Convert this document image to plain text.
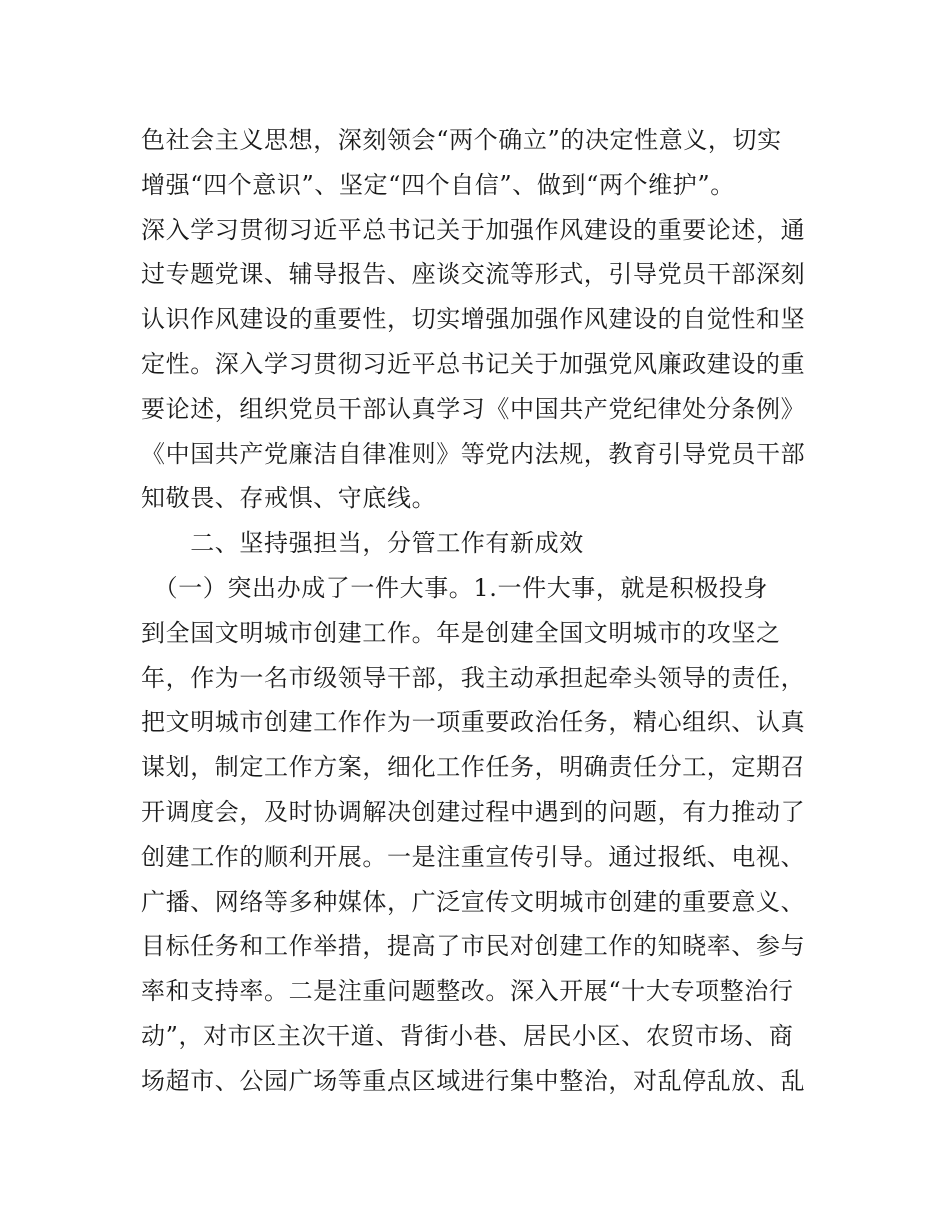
色社会主义思想，深刻领会“两个确立”的决定性意义，切实
增强“四个意识”、坚定“四个自信”、做到“两个维护”。
深入学习贯彻习近平总书记关于加强作风建设的重要论述，通
过专题党课、辅导报告、座谈交流等形式，引导党员干部深刻
认识作风建设的重要性，切实增强加强作风建设的自觉性和坚
定性。深入学习贯彻习近平总书记关于加强党风廉政建设的重
要论述，组织党员干部认真学习《中国共产党纪律处分条例》
《中国共产党廉洁自律准则》等党内法规，教育引导党员干部
知敬畏、存戒惧、守底线。
　　二、坚持强担当，分管工作有新成效
　（一）突出办成了一件大事。1.一件大事，就是积极投身
到全国文明城市创建工作。年是创建全国文明城市的攻坚之
年，作为一名市级领导干部，我主动承担起牵头领导的责任，
把文明城市创建工作作为一项重要政治任务，精心组织、认真
谋划，制定工作方案，细化工作任务，明确责任分工，定期召
开调度会，及时协调解决创建过程中遇到的问题，有力推动了
创建工作的顺利开展。一是注重宣传引导。通过报纸、电视、
广播、网络等多种媒体，广泛宣传文明城市创建的重要意义、
目标任务和工作举措，提高了市民对创建工作的知晓率、参与
率和支持率。二是注重问题整改。深入开展“十大专项整治行
动”，对市区主次干道、背街小巷、居民小区、农贸市场、商
场超市、公园广场等重点区域进行集中整治，对乱停乱放、乱
